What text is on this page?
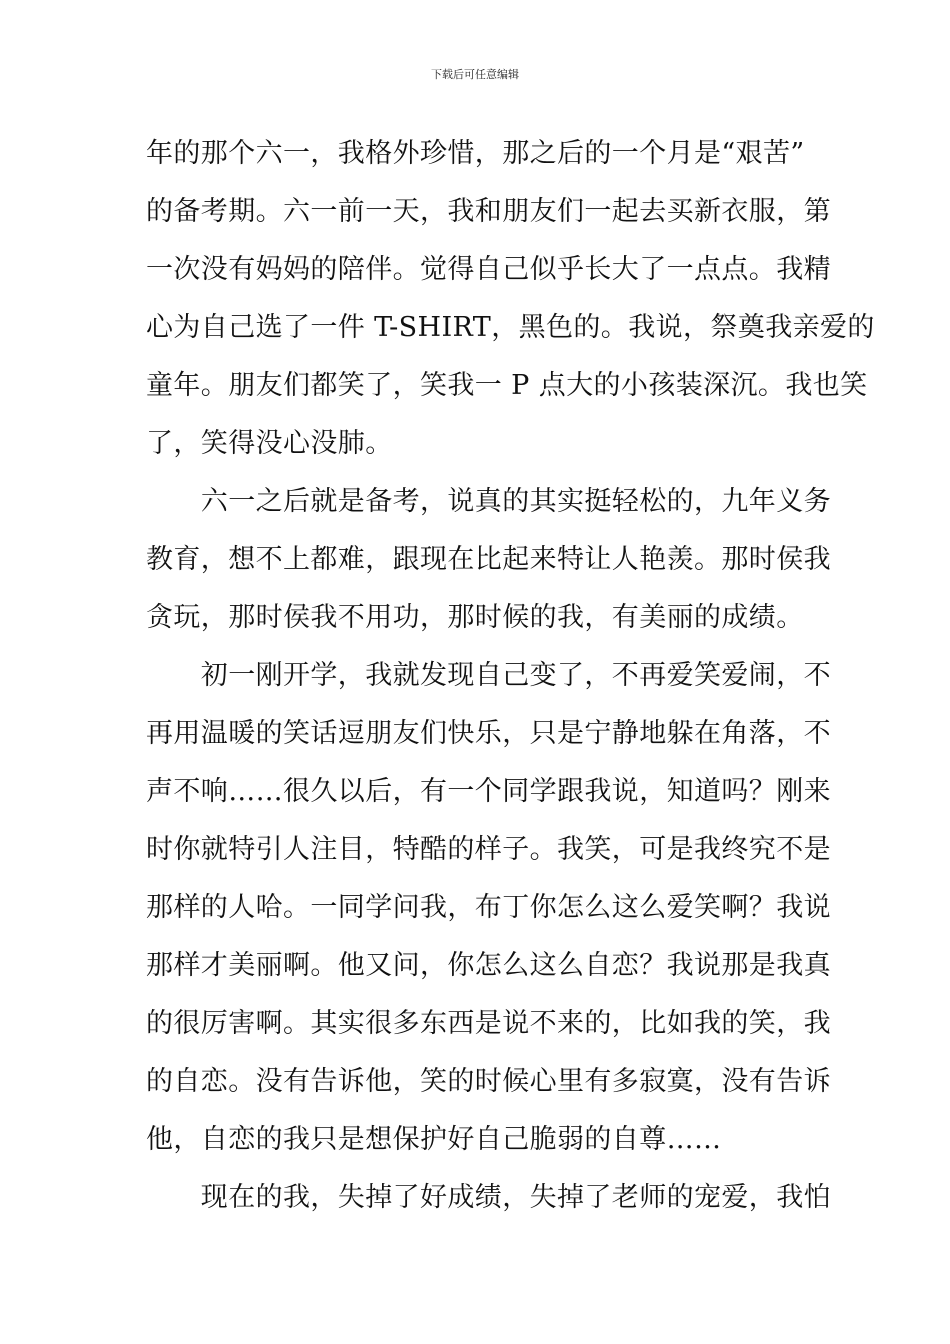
下载后可任意编辑

年的那个六一，我格外珍惜，那之后的一个月是“艰苦”
的备考期。六一前一天，我和朋友们一起去买新衣服，第
一次没有妈妈的陪伴。觉得自己似乎长大了一点点。我精
心为自己选了一件 T-SHIRT，黑色的。我说，祭奠我亲爱的
童年。朋友们都笑了，笑我一 P 点大的小孩装深沉。我也笑
了，笑得没心没肺。

　　六一之后就是备考，说真的其实挺轻松的，九年义务
教育，想不上都难，跟现在比起来特让人艳羡。那时侯我
贪玩，那时侯我不用功，那时候的我，有美丽的成绩。

　　初一刚开学，我就发现自己变了，不再爱笑爱闹，不
再用温暖的笑话逗朋友们快乐，只是宁静地躲在角落，不
声不响……很久以后，有一个同学跟我说，知道吗？刚来
时你就特引人注目，特酷的样子。我笑，可是我终究不是
那样的人哈。一同学问我，布丁你怎么这么爱笑啊？我说
那样才美丽啊。他又问，你怎么这么自恋？我说那是我真
的很厉害啊。其实很多东西是说不来的，比如我的笑，我
的自恋。没有告诉他，笑的时候心里有多寂寞，没有告诉
他，自恋的我只是想保护好自己脆弱的自尊……

　　现在的我，失掉了好成绩，失掉了老师的宠爱，我怕
